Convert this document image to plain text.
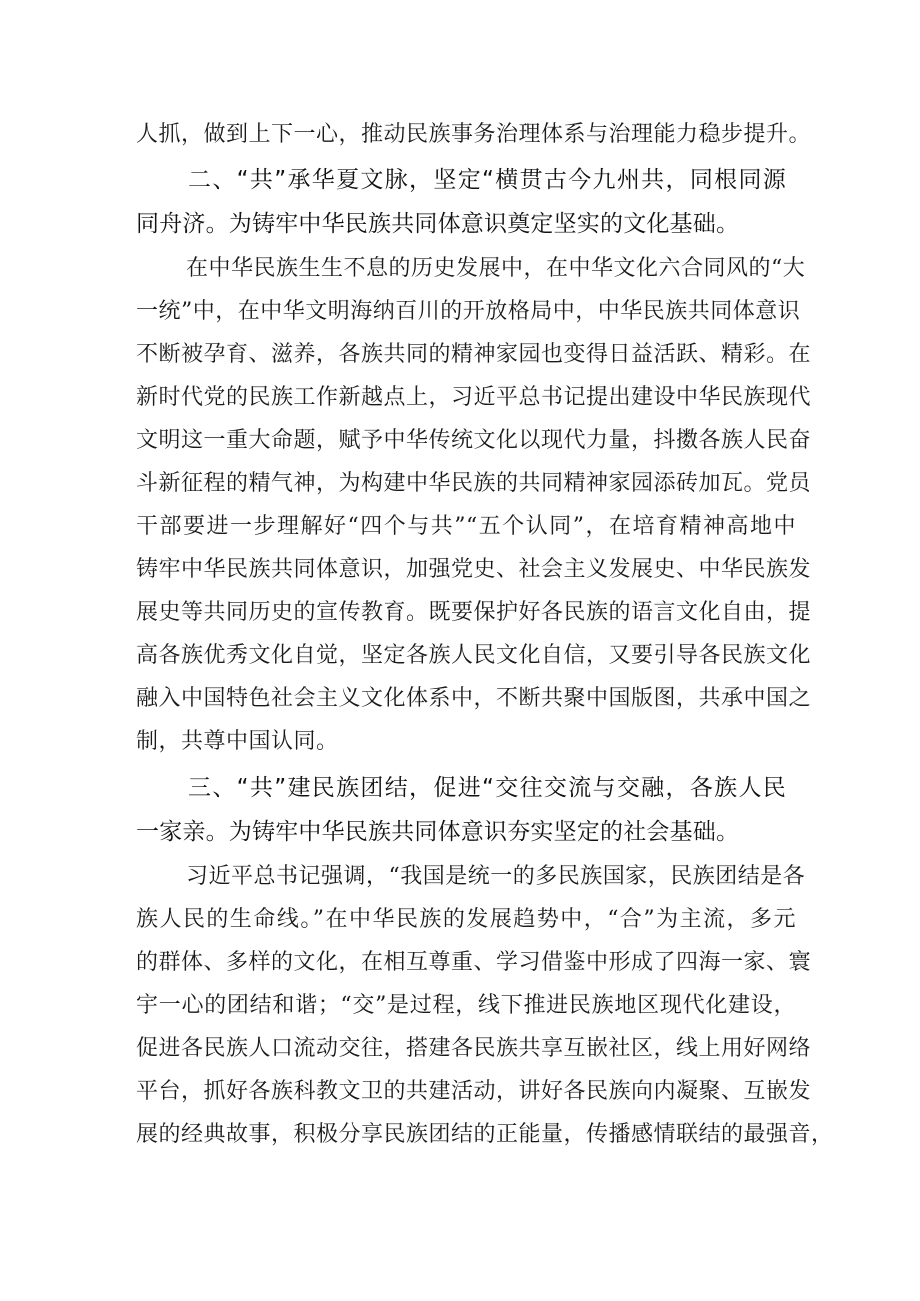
人抓，做到上下一心，推动民族事务治理体系与治理能力稳步提升。
二、“共”承华夏文脉，坚定“横贯古今九州共，同根同源
同舟济。为铸牢中华民族共同体意识奠定坚实的文化基础。
在中华民族生生不息的历史发展中，在中华文化六合同风的“大
一统”中，在中华文明海纳百川的开放格局中，中华民族共同体意识
不断被孕育、滋养，各族共同的精神家园也变得日益活跃、精彩。在
新时代党的民族工作新越点上，习近平总书记提出建设中华民族现代
文明这一重大命题，赋予中华传统文化以现代力量，抖擞各族人民奋
斗新征程的精气神，为构建中华民族的共同精神家园添砖加瓦。党员
干部要进一步理解好“四个与共”“五个认同”，在培育精神高地中
铸牢中华民族共同体意识，加强党史、社会主义发展史、中华民族发
展史等共同历史的宣传教育。既要保护好各民族的语言文化自由，提
高各族优秀文化自觉，坚定各族人民文化自信，又要引导各民族文化
融入中国特色社会主义文化体系中，不断共聚中国版图，共承中国之
制，共尊中国认同。
三、“共”建民族团结，促进“交往交流与交融，各族人民
一家亲。为铸牢中华民族共同体意识夯实坚定的社会基础。
习近平总书记强调，“我国是统一的多民族国家，民族团结是各
族人民的生命线。”在中华民族的发展趋势中，“合”为主流，多元
的群体、多样的文化，在相互尊重、学习借鉴中形成了四海一家、寰
宇一心的团结和谐；“交”是过程，线下推进民族地区现代化建设，
促进各民族人口流动交往，搭建各民族共享互嵌社区，线上用好网络
平台，抓好各族科教文卫的共建活动，讲好各民族向内凝聚、互嵌发
展的经典故事，积极分享民族团结的正能量，传播感情联结的最强音，
